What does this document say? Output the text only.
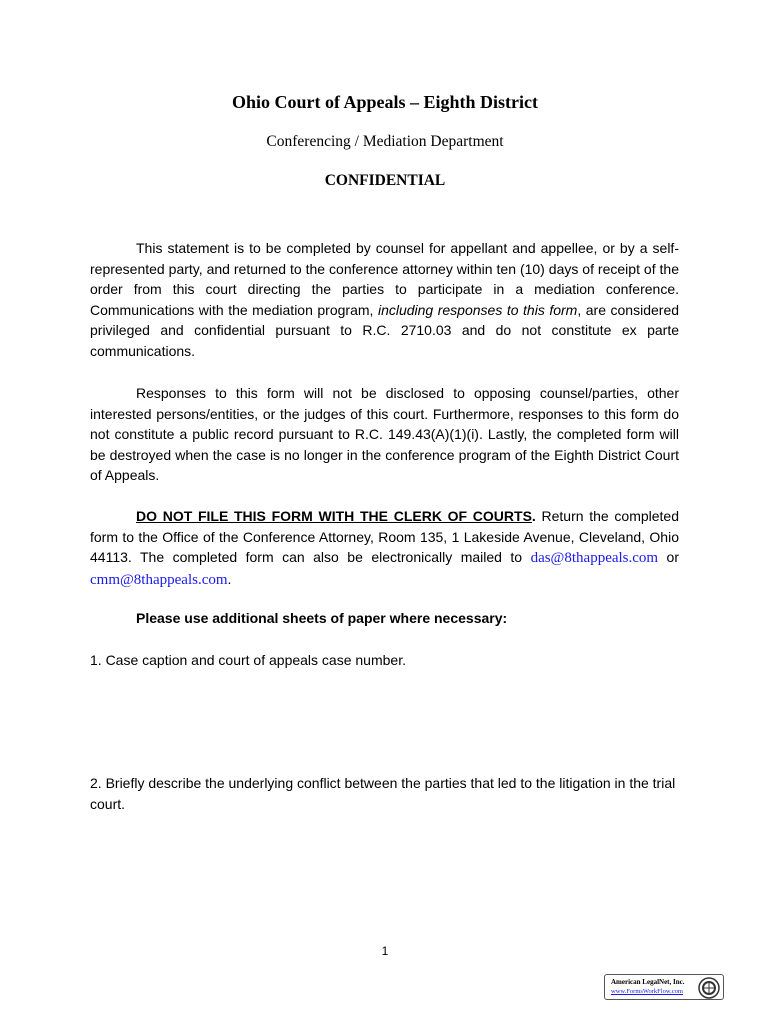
Ohio Court of Appeals – Eighth District
Conferencing / Mediation Department
CONFIDENTIAL
This statement is to be completed by counsel for appellant and appellee, or by a self-represented party, and returned to the conference attorney within ten (10) days of receipt of the order from this court directing the parties to participate in a mediation conference. Communications with the mediation program, including responses to this form, are considered privileged and confidential pursuant to R.C. 2710.03 and do not constitute ex parte communications.
Responses to this form will not be disclosed to opposing counsel/parties, other interested persons/entities, or the judges of this court. Furthermore, responses to this form do not constitute a public record pursuant to R.C. 149.43(A)(1)(i). Lastly, the completed form will be destroyed when the case is no longer in the conference program of the Eighth District Court of Appeals.
DO NOT FILE THIS FORM WITH THE CLERK OF COURTS. Return the completed form to the Office of the Conference Attorney, Room 135, 1 Lakeside Avenue, Cleveland, Ohio 44113. The completed form can also be electronically mailed to das@8thappeals.com or cmm@8thappeals.com.
Please use additional sheets of paper where necessary:
1. Case caption and court of appeals case number.
2. Briefly describe the underlying conflict between the parties that led to the litigation in the trial court.
1
American LegalNet, Inc.
www.FormsWorkFlow.com
